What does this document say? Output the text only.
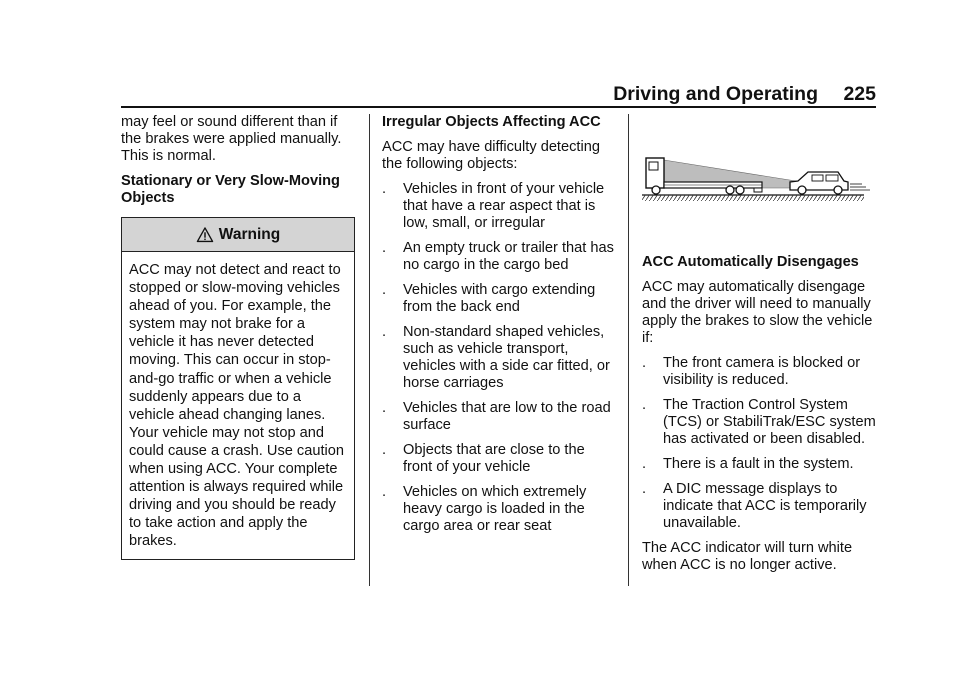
Driving and Operating 225

may feel or sound different than if the brakes were applied manually. This is normal.

Stationary or Very Slow-Moving Objects
Warning
ACC may not detect and react to stopped or slow-moving vehicles ahead of you. For example, the system may not brake for a vehicle it has never detected moving. This can occur in stop-and-go traffic or when a vehicle suddenly appears due to a vehicle ahead changing lanes. Your vehicle may not stop and could cause a crash. Use caution when using ACC. Your complete attention is always required while driving and you should be ready to take action and apply the brakes.
Irregular Objects Affecting ACC

ACC may have difficulty detecting the following objects:

.	Vehicles in front of your vehicle that have a rear aspect that is low, small, or irregular
.	An empty truck or trailer that has no cargo in the cargo bed
.	Vehicles with cargo extending from the back end
.	Non-standard shaped vehicles, such as vehicle transport, vehicles with a side car fitted, or horse carriages
.	Vehicles that are low to the road surface
.	Objects that are close to the front of your vehicle
.	Vehicles on which extremely heavy cargo is loaded in the cargo area or rear seat
ACC Automatically Disengages

ACC may automatically disengage and the driver will need to manually apply the brakes to slow the vehicle if:

.	The front camera is blocked or visibility is reduced.
.	The Traction Control System (TCS) or StabiliTrak/ESC system has activated or been disabled.
.	There is a fault in the system.
.	A DIC message displays to indicate that ACC is temporarily unavailable.

The ACC indicator will turn white when ACC is no longer active.
